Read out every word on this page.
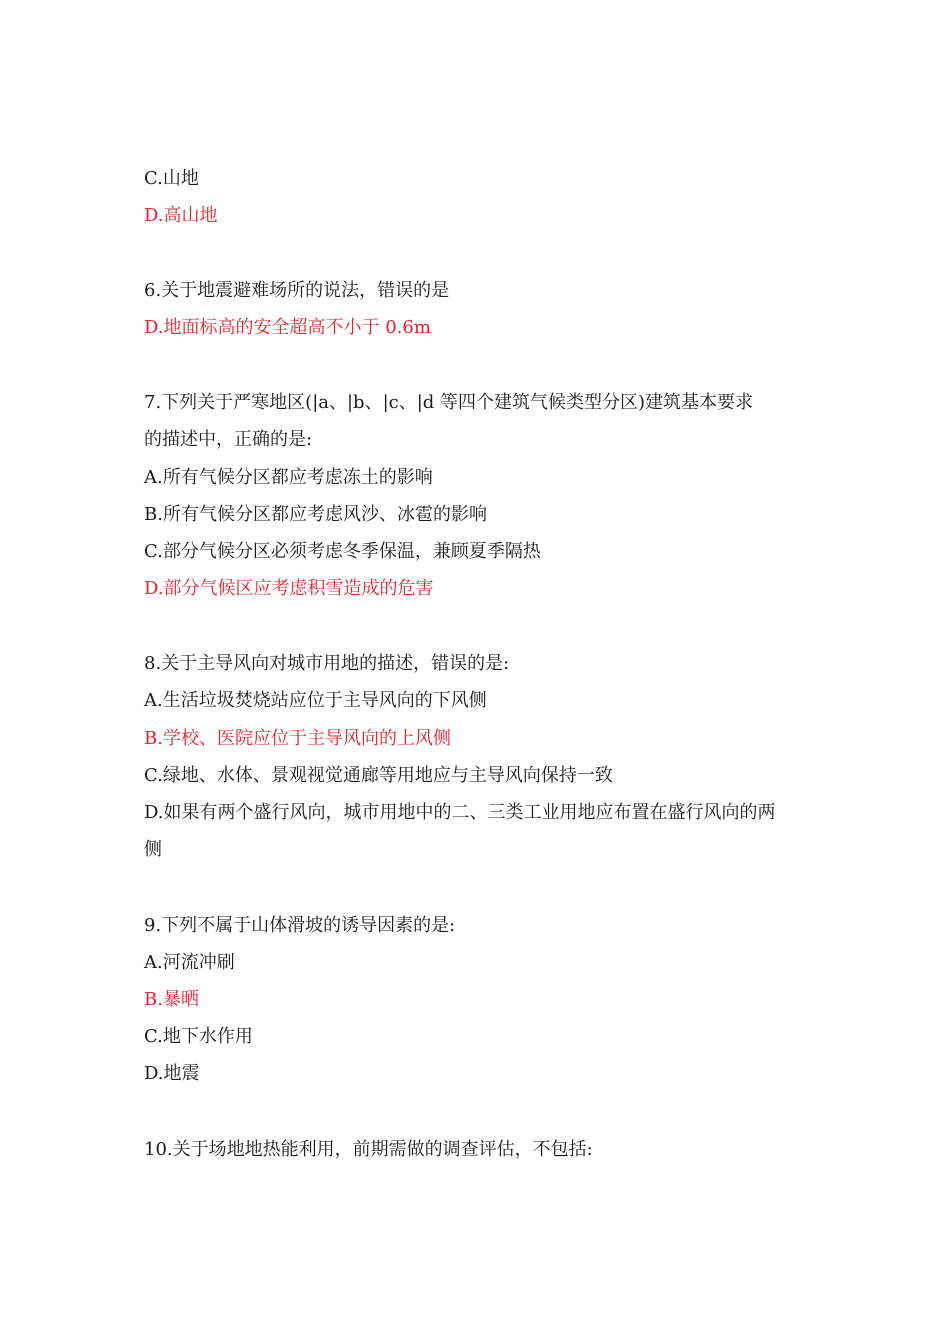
C.山地
D.高山地
6.关于地震避难场所的说法，错误的是
D.地面标高的安全超高不小于 0.6m
7.下列关于严寒地区(|a、|b、|c、|d 等四个建筑气候类型分区)建筑基本要求
的描述中，正确的是:
A.所有气候分区都应考虑冻土的影响
B.所有气候分区都应考虑风沙、冰雹的影响
C.部分气候分区必须考虑冬季保温，兼顾夏季隔热
D.部分气候区应考虑积雪造成的危害
8.关于主导风向对城市用地的描述，错误的是:
A.生活垃圾焚烧站应位于主导风向的下风侧
B.学校、医院应位于主导风向的上风侧
C.绿地、水体、景观视觉通廊等用地应与主导风向保持一致
D.如果有两个盛行风向，城市用地中的二、三类工业用地应布置在盛行风向的两
侧
9.下列不属于山体滑坡的诱导因素的是:
A.河流冲刷
B.暴晒
C.地下水作用
D.地震
10.关于场地地热能利用，前期需做的调查评估，不包括:
